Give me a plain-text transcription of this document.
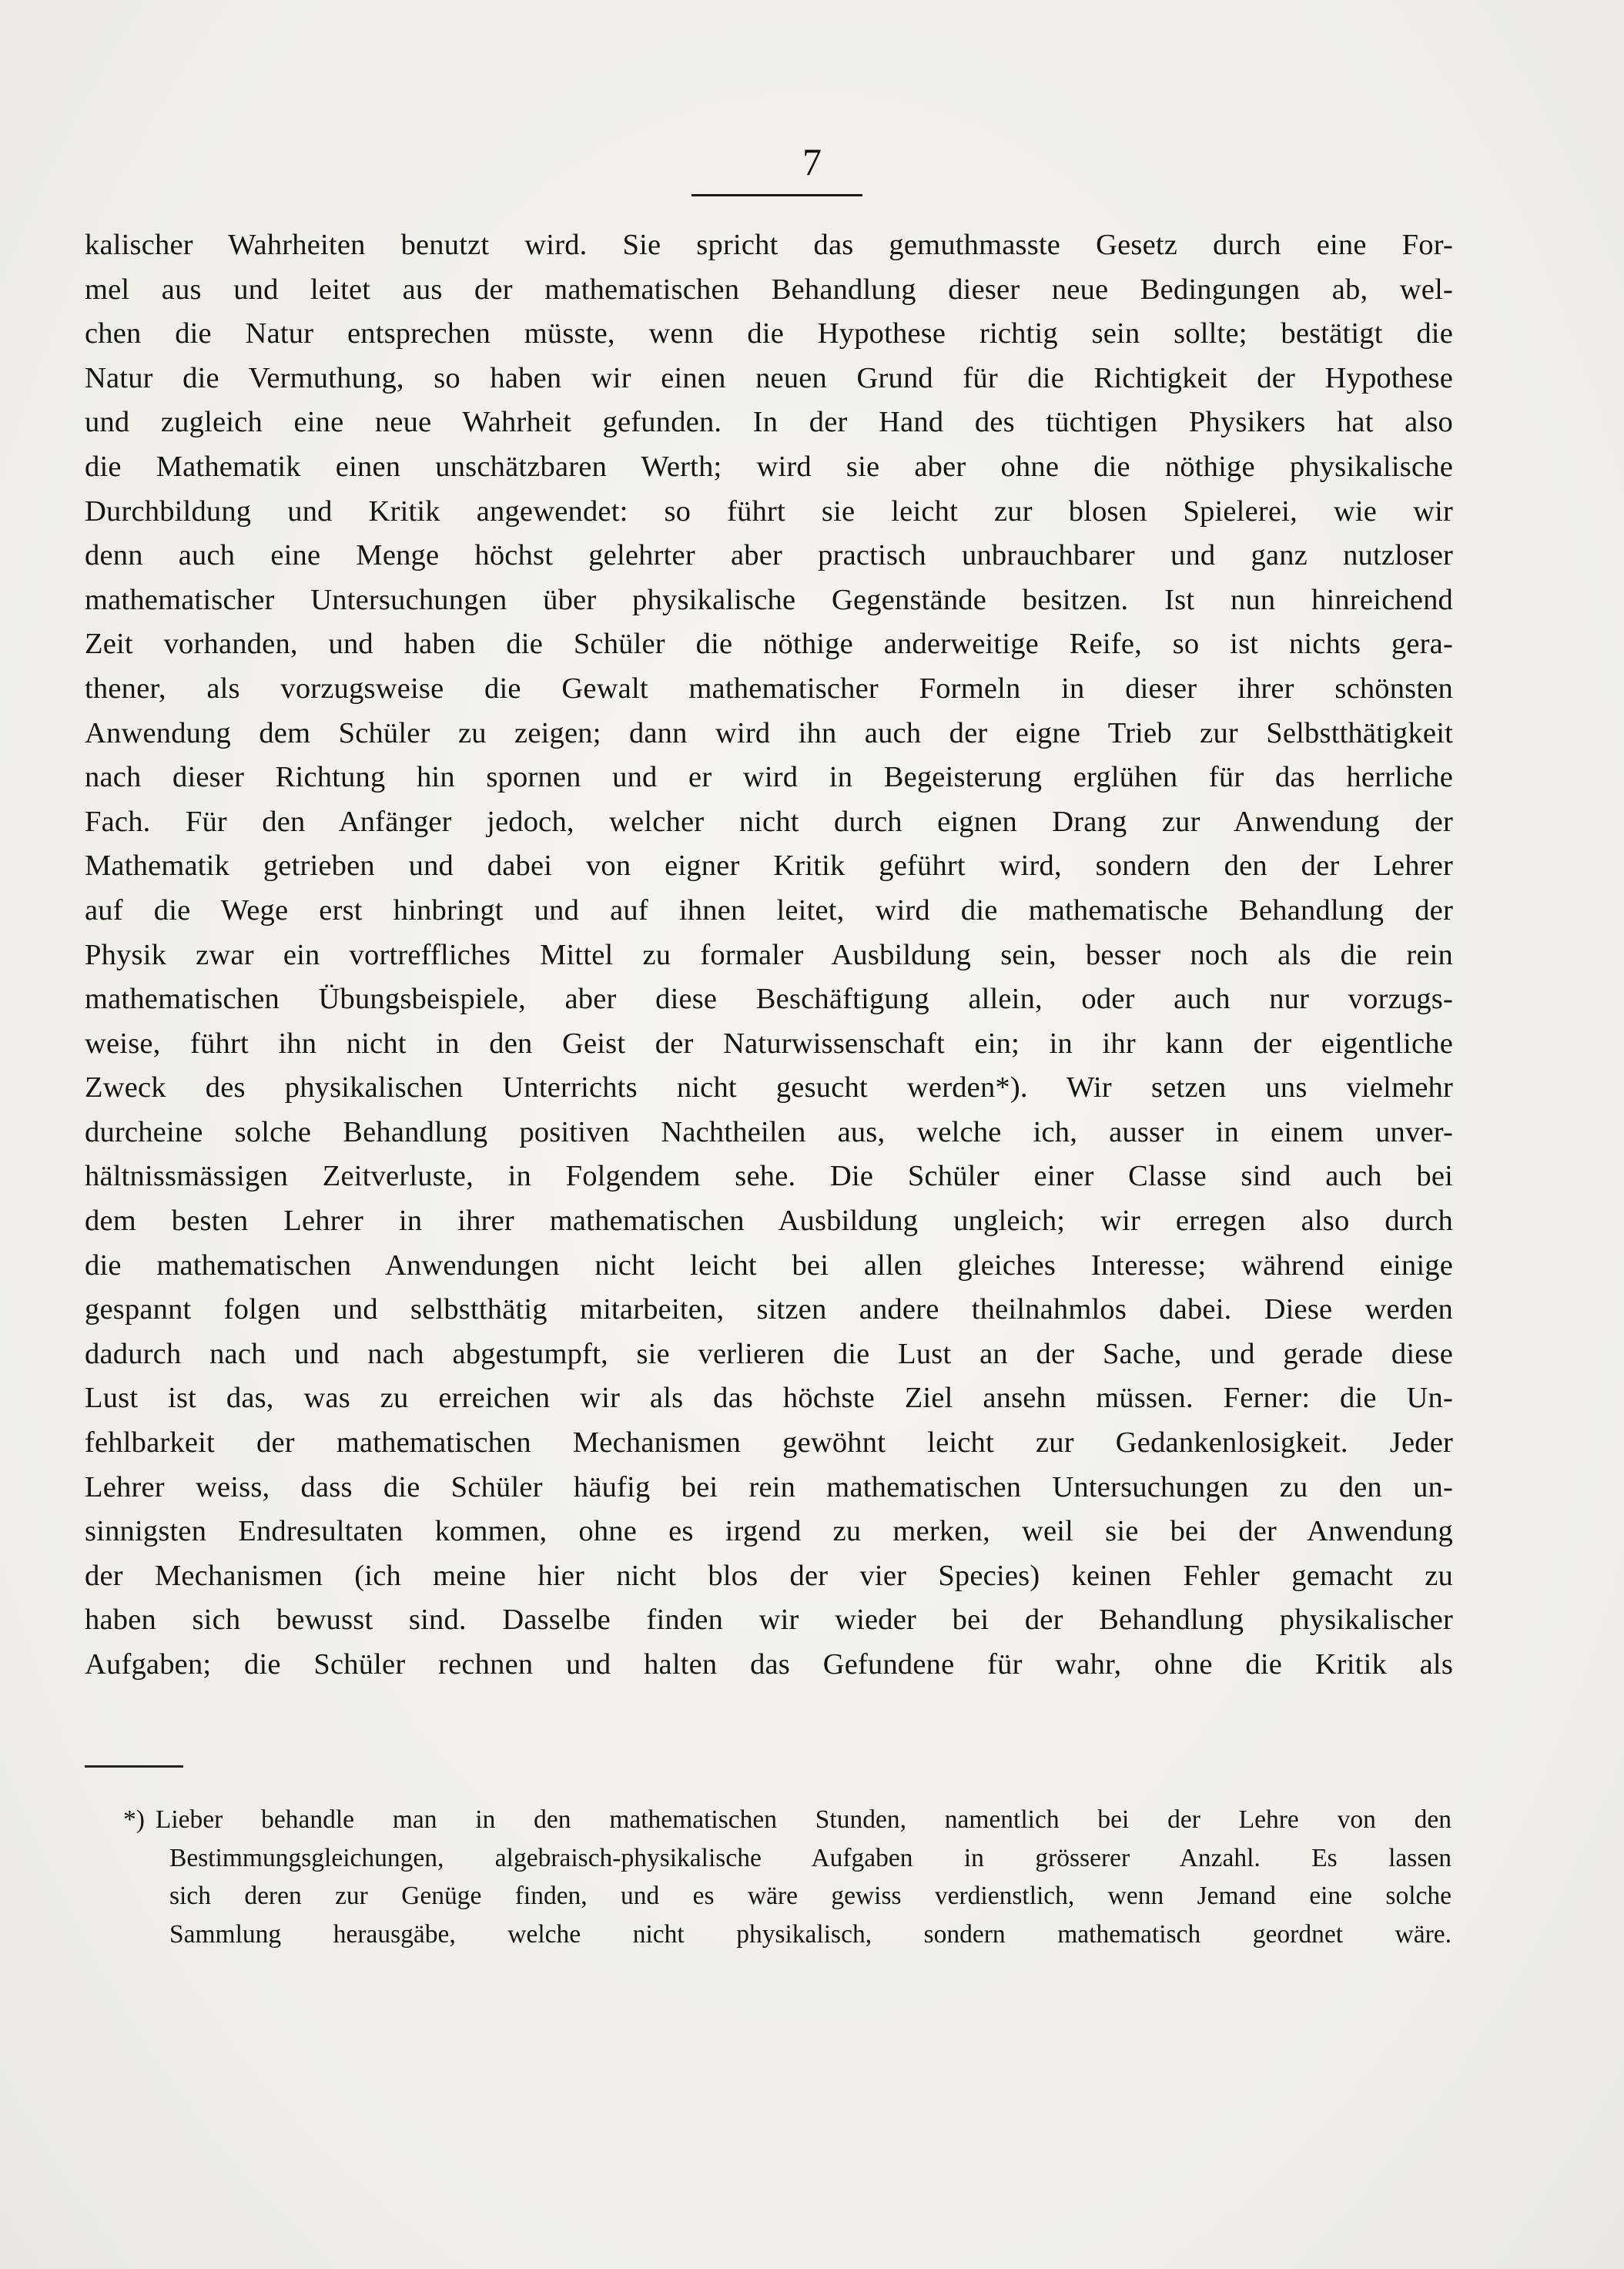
7
kalischer Wahrheiten benutzt wird. Sie spricht das gemuthmasste Gesetz durch eine For-
mel aus und leitet aus der mathematischen Behandlung dieser neue Bedingungen ab, wel-
chen die Natur entsprechen müsste, wenn die Hypothese richtig sein sollte; bestätigt die
Natur die Vermuthung, so haben wir einen neuen Grund für die Richtigkeit der Hypothese
und zugleich eine neue Wahrheit gefunden. In der Hand des tüchtigen Physikers hat also
die Mathematik einen unschätzbaren Werth; wird sie aber ohne die nöthige physikalische
Durchbildung und Kritik angewendet: so führt sie leicht zur blosen Spielerei, wie wir
denn auch eine Menge höchst gelehrter aber practisch unbrauchbarer und ganz nutzloser
mathematischer Untersuchungen über physikalische Gegenstände besitzen. Ist nun hinreichend
Zeit vorhanden, und haben die Schüler die nöthige anderweitige Reife, so ist nichts gera-
thener, als vorzugsweise die Gewalt mathematischer Formeln in dieser ihrer schönsten
Anwendung dem Schüler zu zeigen; dann wird ihn auch der eigne Trieb zur Selbstthätigkeit
nach dieser Richtung hin spornen und er wird in Begeisterung erglühen für das herrliche
Fach. Für den Anfänger jedoch, welcher nicht durch eignen Drang zur Anwendung der
Mathematik getrieben und dabei von eigner Kritik geführt wird, sondern den der Lehrer
auf die Wege erst hinbringt und auf ihnen leitet, wird die mathematische Behandlung der
Physik zwar ein vortreffliches Mittel zu formaler Ausbildung sein, besser noch als die rein
mathematischen Übungsbeispiele, aber diese Beschäftigung allein, oder auch nur vorzugs-
weise, führt ihn nicht in den Geist der Naturwissenschaft ein; in ihr kann der eigentliche
Zweck des physikalischen Unterrichts nicht gesucht werden*). Wir setzen uns vielmehr
durcheine solche Behandlung positiven Nachtheilen aus, welche ich, ausser in einem unver-
hältnissmässigen Zeitverluste, in Folgendem sehe. Die Schüler einer Classe sind auch bei
dem besten Lehrer in ihrer mathematischen Ausbildung ungleich; wir erregen also durch
die mathematischen Anwendungen nicht leicht bei allen gleiches Interesse; während einige
gespannt folgen und selbstthätig mitarbeiten, sitzen andere theilnahmlos dabei. Diese werden
dadurch nach und nach abgestumpft, sie verlieren die Lust an der Sache, und gerade diese
Lust ist das, was zu erreichen wir als das höchste Ziel ansehn müssen. Ferner: die Un-
fehlbarkeit der mathematischen Mechanismen gewöhnt leicht zur Gedankenlosigkeit. Jeder
Lehrer weiss, dass die Schüler häufig bei rein mathematischen Untersuchungen zu den un-
sinnigsten Endresultaten kommen, ohne es irgend zu merken, weil sie bei der Anwendung
der Mechanismen (ich meine hier nicht blos der vier Species) keinen Fehler gemacht zu
haben sich bewusst sind. Dasselbe finden wir wieder bei der Behandlung physikalischer
Aufgaben; die Schüler rechnen und halten das Gefundene für wahr, ohne die Kritik als
*) Lieber behandle man in den mathematischen Stunden, namentlich bei der Lehre von den
Bestimmungsgleichungen, algebraisch-physikalische Aufgaben in grösserer Anzahl. Es lassen
sich deren zur Genüge finden, und es wäre gewiss verdienstlich, wenn Jemand eine solche
Sammlung herausgäbe, welche nicht physikalisch, sondern mathematisch geordnet wäre.
